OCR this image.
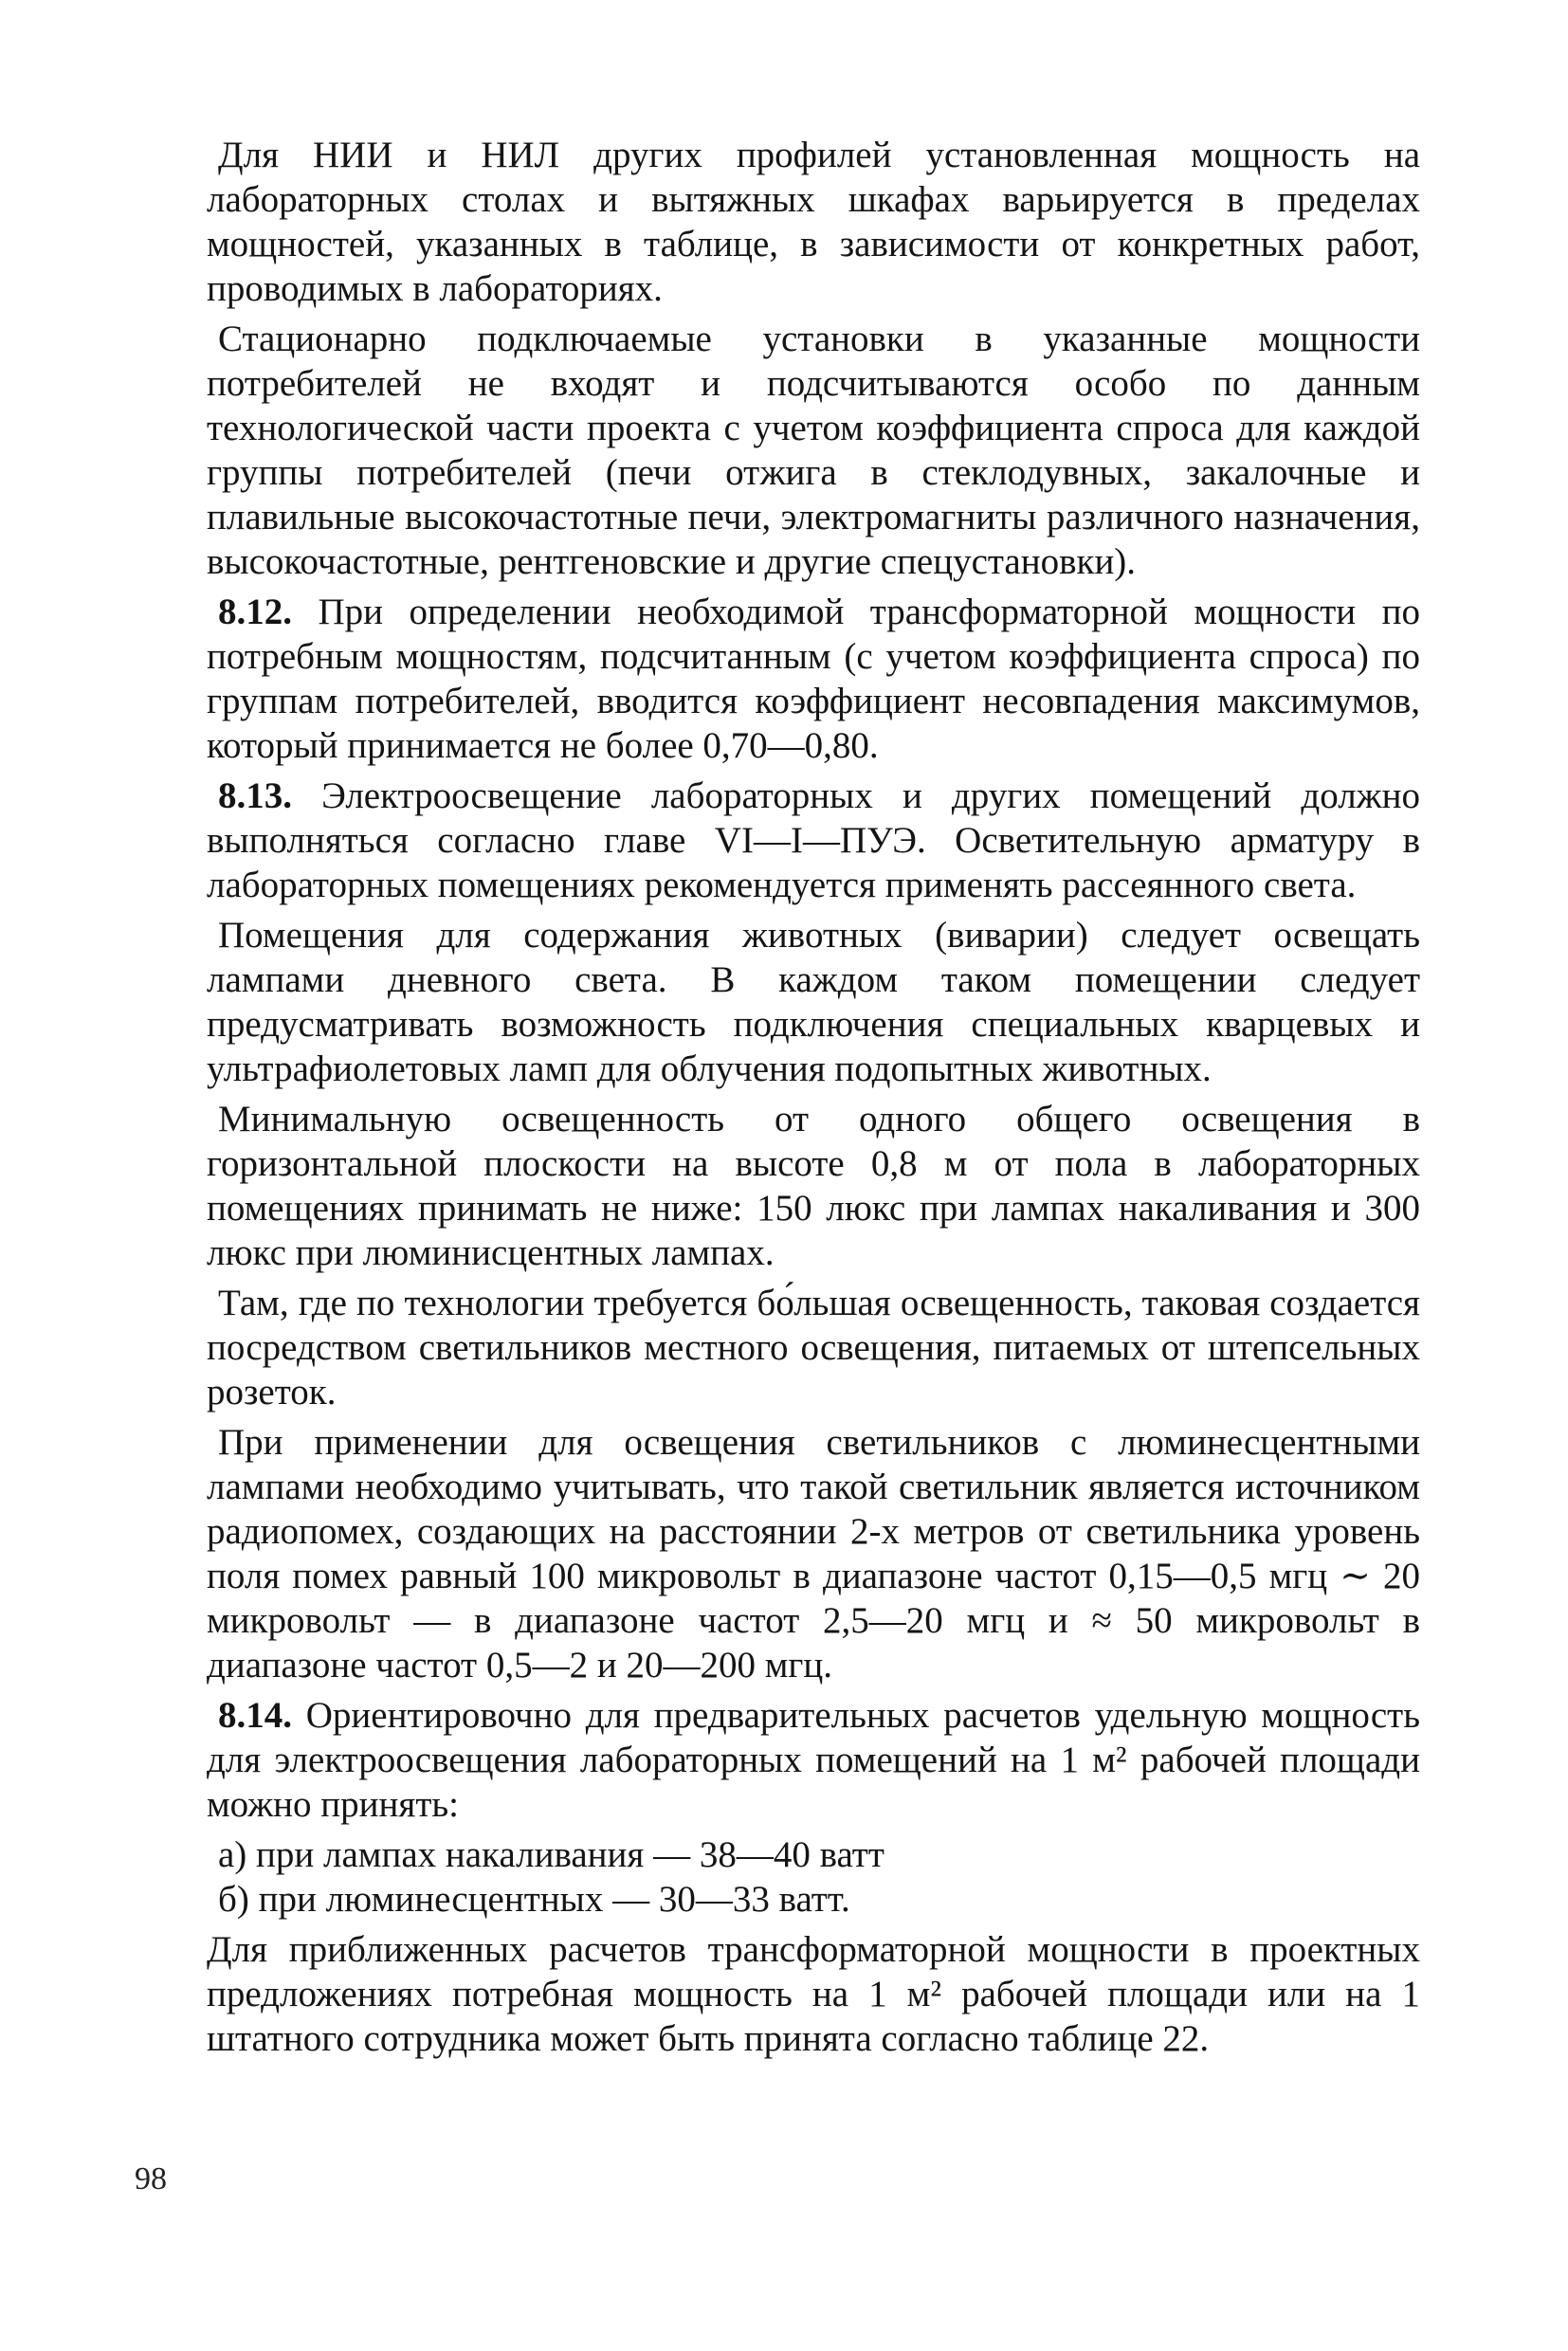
Для НИИ и НИЛ других профилей установленная мощность на лабораторных столах и вытяжных шкафах варьируется в пределах мощностей, указанных в таблице, в зависимости от конкретных работ, проводимых в лабораториях.

Стационарно подключаемые установки в указанные мощности потребителей не входят и подсчитываются особо по данным технологической части проекта с учетом коэффициента спроса для каждой группы потребителей (печи отжига в стеклодувных, закалочные и плавильные высокочастотные печи, электромагниты различного назначения, высокочастотные, рентгеновские и другие спецустановки).

8.12. При определении необходимой трансформаторной мощности по потребным мощностям, подсчитанным (с учетом коэффициента спроса) по группам потребителей, вводится коэффициент несовпадения максимумов, который принимается не более 0,70—0,80.

8.13. Электроосвещение лабораторных и других помещений должно выполняться согласно главе VI—I—ПУЭ. Осветительную арматуру в лабораторных помещениях рекомендуется применять рассеянного света.

Помещения для содержания животных (виварии) следует освещать лампами дневного света. В каждом таком помещении следует предусматривать возможность подключения специальных кварцевых и ультрафиолетовых ламп для облучения подопытных животных.

Минимальную освещенность от одного общего освещения в горизонтальной плоскости на высоте 0,8 м от пола в лабораторных помещениях принимать не ниже: 150 люкс при лампах накаливания и 300 люкс при люминисцентных лампах.

Там, где по технологии требуется бо́льшая освещенность, таковая создается посредством светильников местного освещения, питаемых от штепсельных розеток.

При применении для освещения светильников с люминесцентными лампами необходимо учитывать, что такой светильник является источником радиопомех, создающих на расстоянии 2-х метров от светильника уровень поля помех равный 100 микровольт в диапазоне частот 0,15—0,5 мгц ∼ 20 микровольт — в диапазоне частот 2,5—20 мгц и ≈ 50 микровольт в диапазоне частот 0,5—2 и 20—200 мгц.

8.14. Ориентировочно для предварительных расчетов удельную мощность для электроосвещения лабораторных помещений на 1 м² рабочей площади можно принять:

а) при лампах накаливания — 38—40 ватт

б) при люминесцентных — 30—33 ватт.

Для приближенных расчетов трансформаторной мощности в проектных предложениях потребная мощность на 1 м² рабочей площади или на 1 штатного сотрудника может быть принята согласно таблице 22.

98
